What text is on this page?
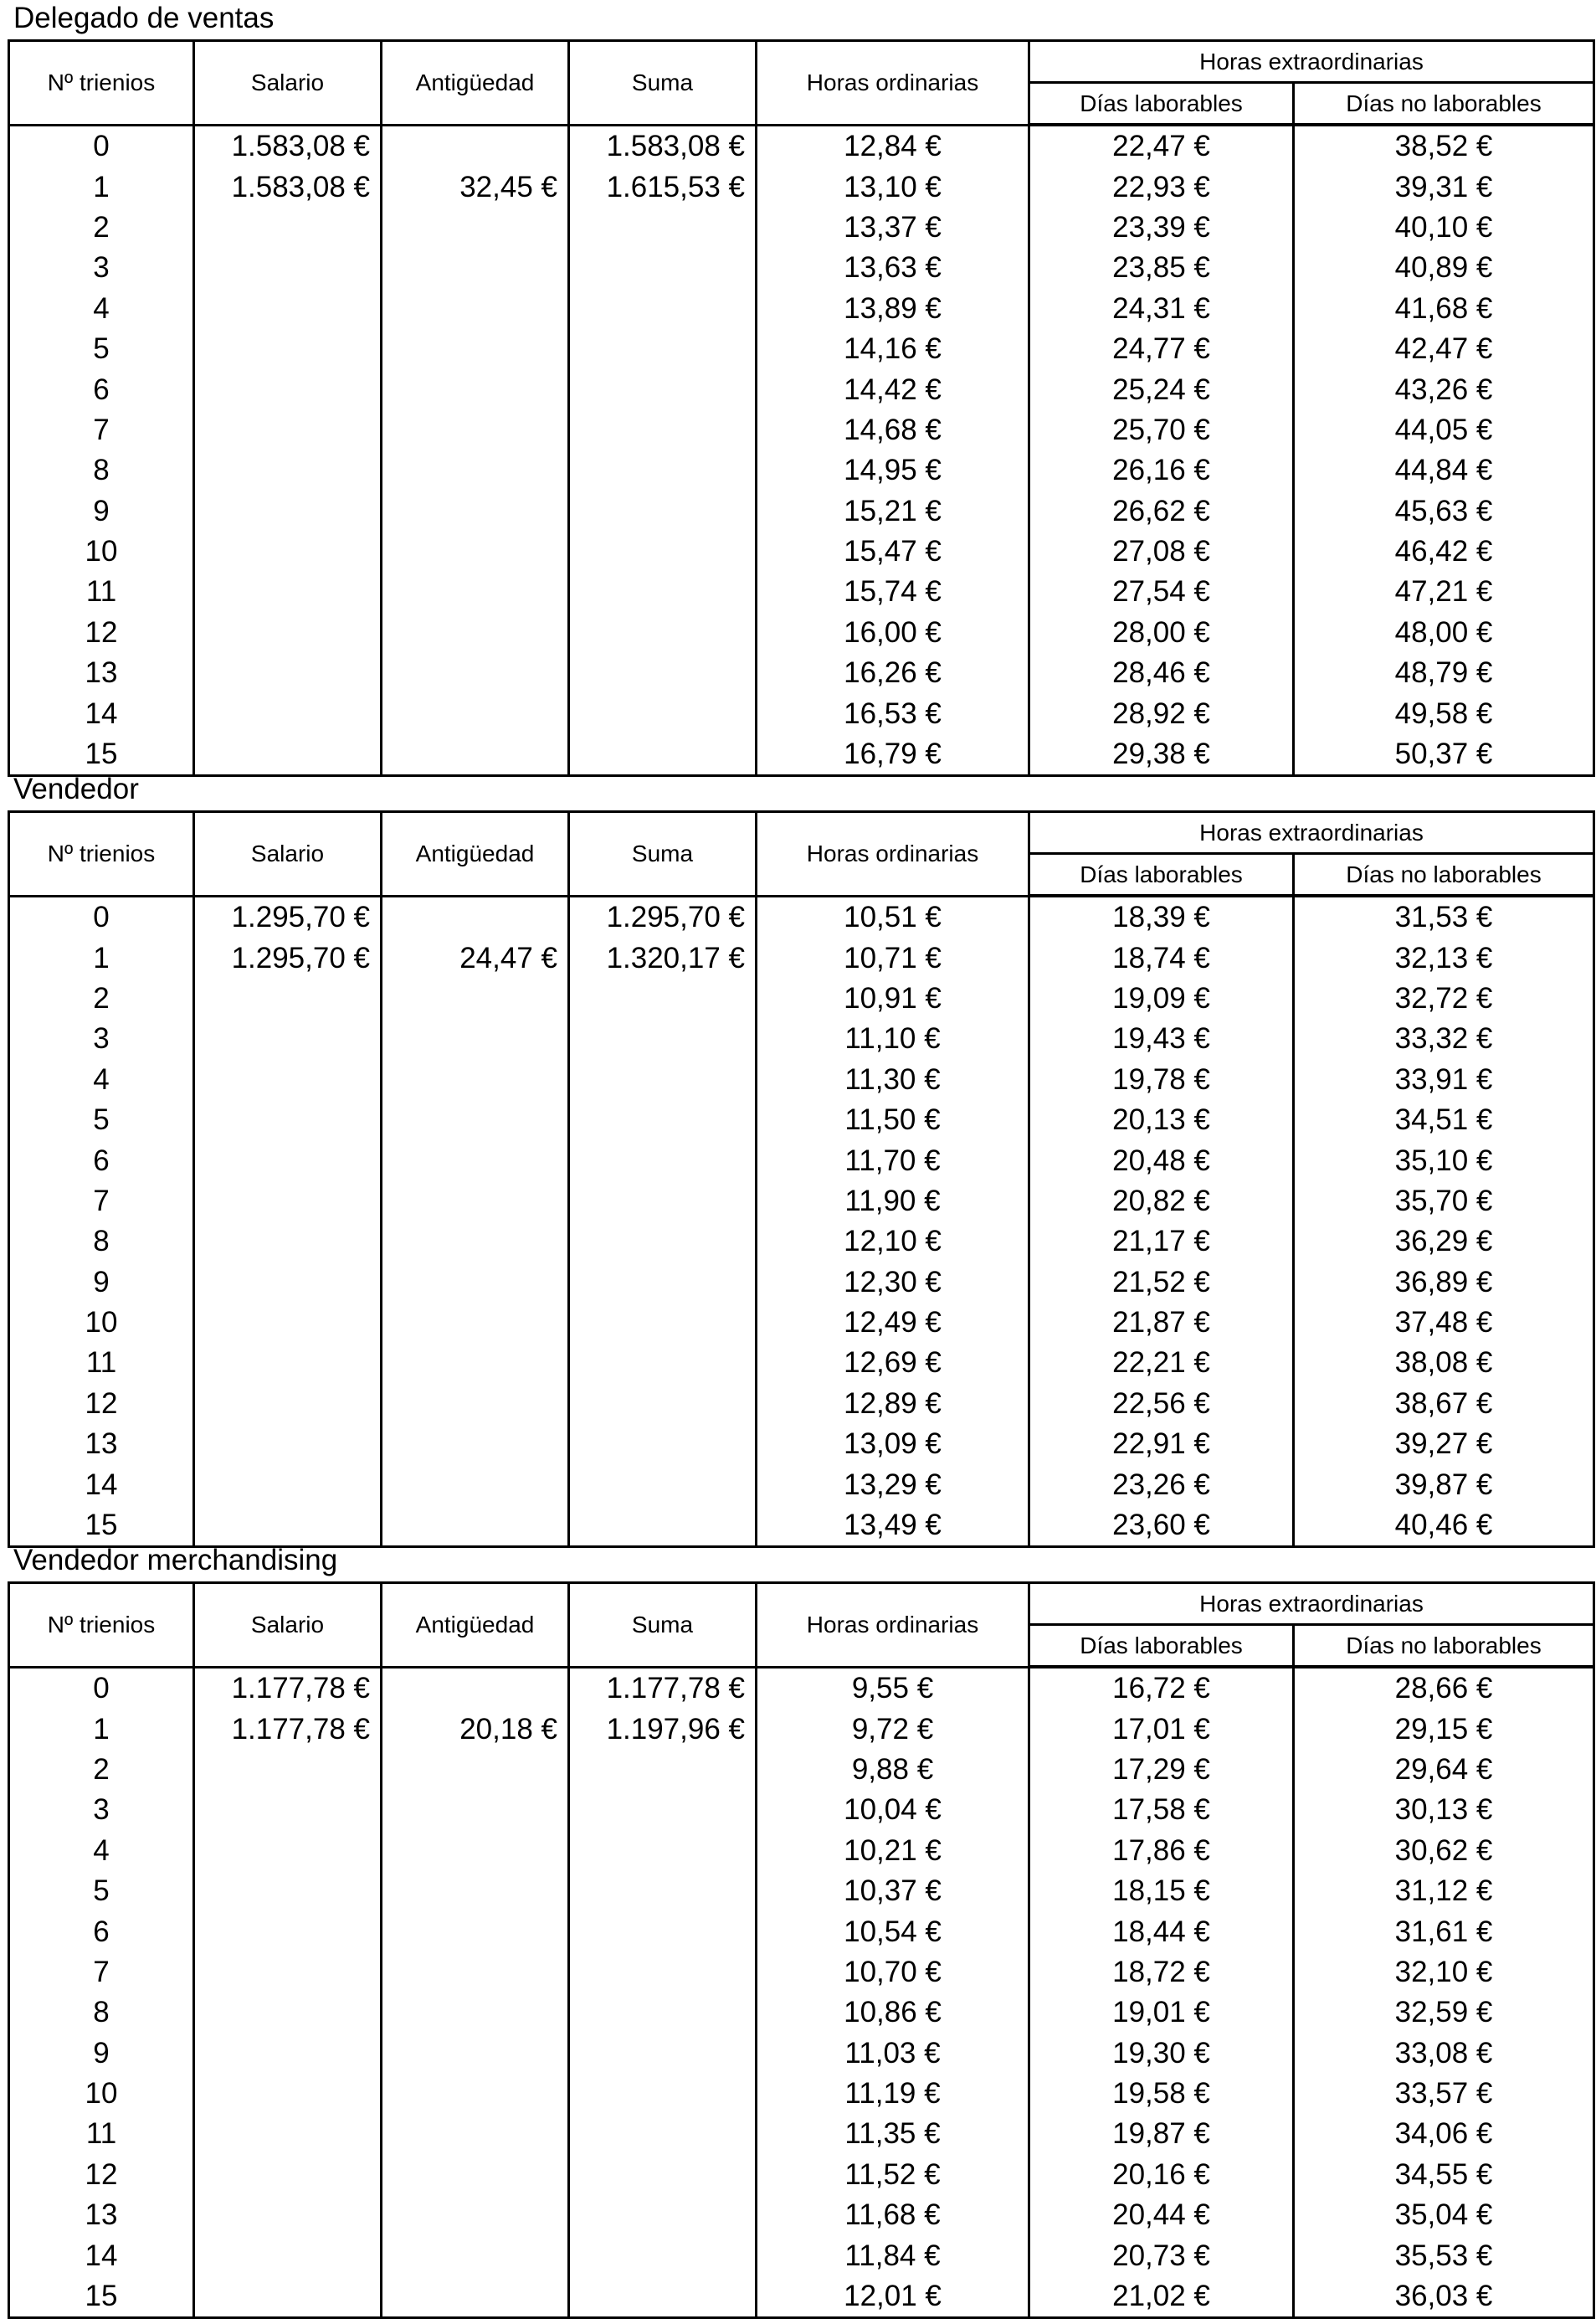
Delegado de ventas
Nº trienios	Salario	Antigüedad	Suma	Horas ordinarias	Horas extraordinarias	
					Días laborables	Días no laborables
0	1.583,08 €		1.583,08 €	12,84 €	22,47 €	38,52 €
1	1.583,08 €	32,45 €	1.615,53 €	13,10 €	22,93 €	39,31 €
2				13,37 €	23,39 €	40,10 €
3				13,63 €	23,85 €	40,89 €
4				13,89 €	24,31 €	41,68 €
5				14,16 €	24,77 €	42,47 €
6				14,42 €	25,24 €	43,26 €
7				14,68 €	25,70 €	44,05 €
8				14,95 €	26,16 €	44,84 €
9				15,21 €	26,62 €	45,63 €
10				15,47 €	27,08 €	46,42 €
11				15,74 €	27,54 €	47,21 €
12				16,00 €	28,00 €	48,00 €
13				16,26 €	28,46 €	48,79 €
14				16,53 €	28,92 €	49,58 €
15				16,79 €	29,38 €	50,37 €
Vendedor
Nº trienios	Salario	Antigüedad	Suma	Horas ordinarias	Horas extraordinarias	
					Días laborables	Días no laborables
0	1.295,70 €		1.295,70 €	10,51 €	18,39 €	31,53 €
1	1.295,70 €	24,47 €	1.320,17 €	10,71 €	18,74 €	32,13 €
2				10,91 €	19,09 €	32,72 €
3				11,10 €	19,43 €	33,32 €
4				11,30 €	19,78 €	33,91 €
5				11,50 €	20,13 €	34,51 €
6				11,70 €	20,48 €	35,10 €
7				11,90 €	20,82 €	35,70 €
8				12,10 €	21,17 €	36,29 €
9				12,30 €	21,52 €	36,89 €
10				12,49 €	21,87 €	37,48 €
11				12,69 €	22,21 €	38,08 €
12				12,89 €	22,56 €	38,67 €
13				13,09 €	22,91 €	39,27 €
14				13,29 €	23,26 €	39,87 €
15				13,49 €	23,60 €	40,46 €
Vendedor merchandising
Nº trienios	Salario	Antigüedad	Suma	Horas ordinarias	Horas extraordinarias	
					Días laborables	Días no laborables
0	1.177,78 €		1.177,78 €	9,55 €	16,72 €	28,66 €
1	1.177,78 €	20,18 €	1.197,96 €	9,72 €	17,01 €	29,15 €
2				9,88 €	17,29 €	29,64 €
3				10,04 €	17,58 €	30,13 €
4				10,21 €	17,86 €	30,62 €
5				10,37 €	18,15 €	31,12 €
6				10,54 €	18,44 €	31,61 €
7				10,70 €	18,72 €	32,10 €
8				10,86 €	19,01 €	32,59 €
9				11,03 €	19,30 €	33,08 €
10				11,19 €	19,58 €	33,57 €
11				11,35 €	19,87 €	34,06 €
12				11,52 €	20,16 €	34,55 €
13				11,68 €	20,44 €	35,04 €
14				11,84 €	20,73 €	35,53 €
15				12,01 €	21,02 €	36,03 €
